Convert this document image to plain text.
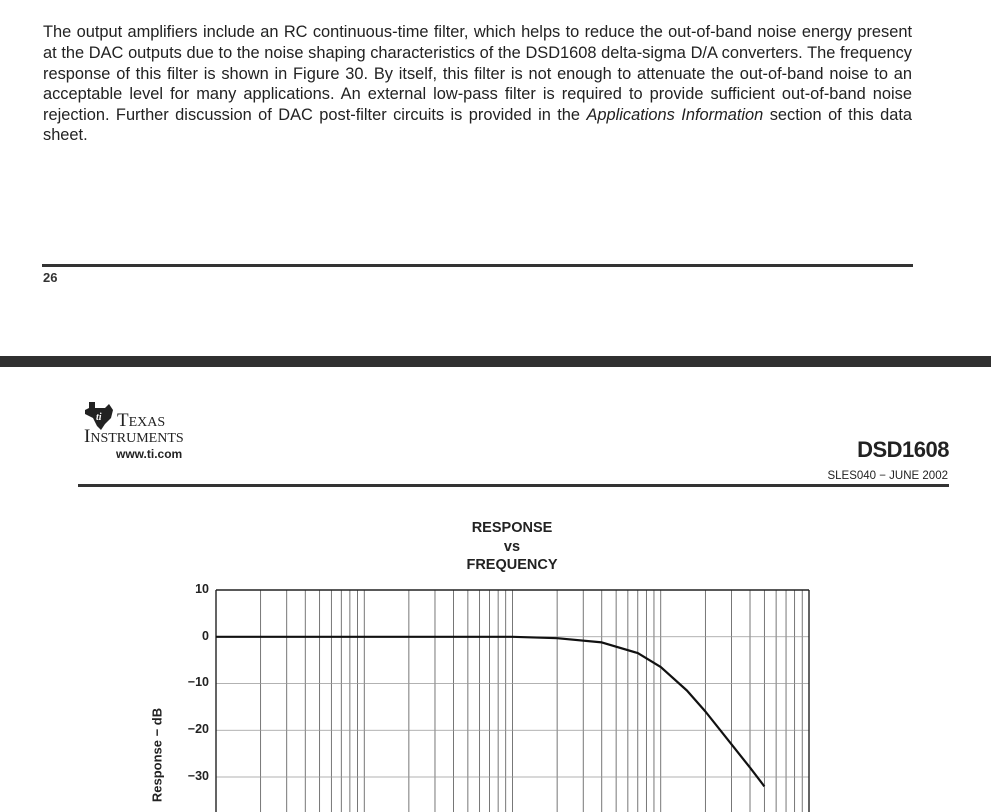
The output amplifiers include an RC continuous-time filter, which helps to reduce the out-of-band noise energy present at the DAC outputs due to the noise shaping characteristics of the DSD1608 delta-sigma D/A converters. The frequency response of this filter is shown in Figure 30. By itself, this filter is not enough to attenuate the out-of-band noise to an acceptable level for many applications. An external low-pass filter is required to provide sufficient out-of-band noise rejection. Further discussion of DAC post-filter circuits is provided in the Applications Information section of this data sheet.

26
ti TEXAS
INSTRUMENTS
www.ti.com	DSD1608
SLES040 − JUNE 2002
RESPONSE
vs
FREQUENCY
10
0
−10
−20
−30
Response − dB
